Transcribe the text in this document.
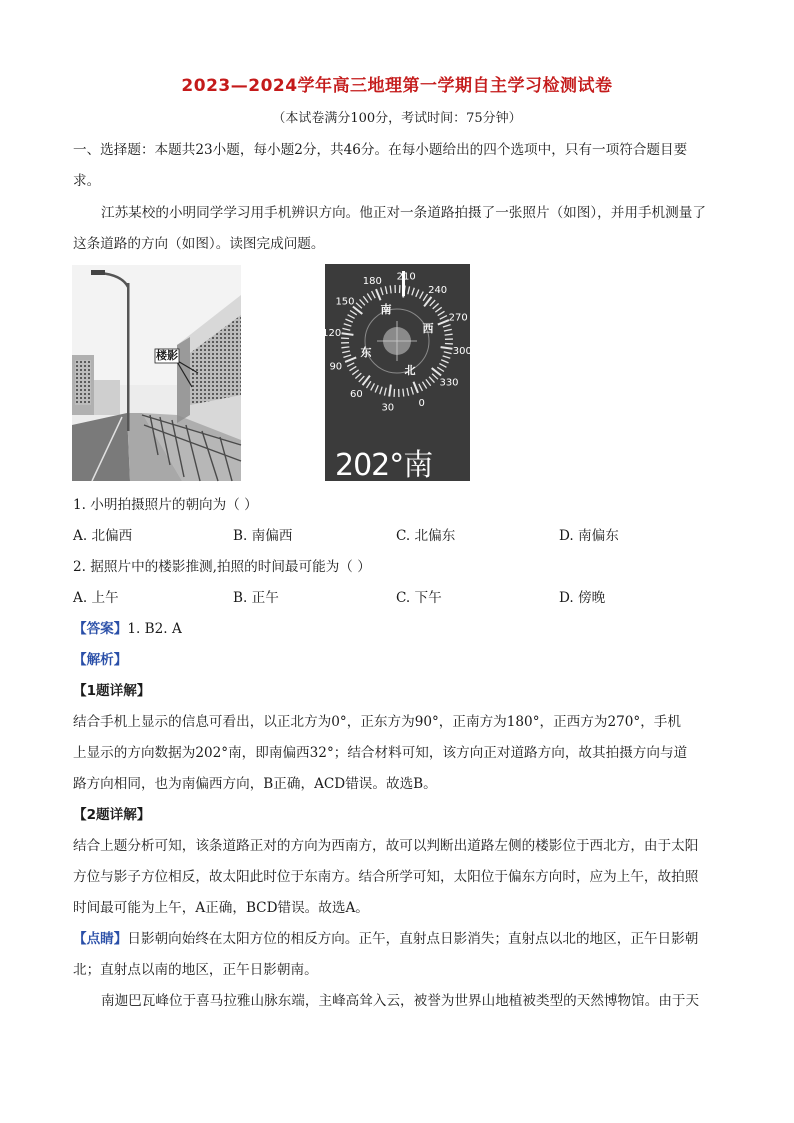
2023—2024学年高三地理第一学期自主学习检测试卷
（本试卷满分100分，考试时间：75分钟）
一、选择题：本题共23小题，每小题2分，共46分。在每小题给出的四个选项中，只有一项符合题目要
求。
江苏某校的小明同学学习用手机辨识方向。他正对一条道路拍摄了一张照片（如图），并用手机测量了
这条道路的方向（如图）。读图完成问题。
楼影
210
240
270
300
330
0
30
60
90
120
150
180
南
西
东
北
202°南
1. 小明拍摄照片的朝向为（ ）
A. 北偏西	B. 南偏西	C. 北偏东	D. 南偏东
2. 据照片中的楼影推测,拍照的时间最可能为（ ）
A. 上午	B. 正午	C. 下午	D. 傍晚
【答案】1. B2. A
【解析】
【1题详解】
结合手机上显示的信息可看出，以正北方为0°，正东方为90°，正南方为180°，正西方为270°，手机
上显示的方向数据为202°南，即南偏西32°；结合材料可知，该方向正对道路方向，故其拍摄方向与道
路方向相同，也为南偏西方向，B正确，ACD错误。故选B。
【2题详解】
结合上题分析可知，该条道路正对的方向为西南方，故可以判断出道路左侧的楼影位于西北方，由于太阳
方位与影子方位相反，故太阳此时位于东南方。结合所学可知，太阳位于偏东方向时，应为上午，故拍照
时间最可能为上午，A正确，BCD错误。故选A。
【点睛】日影朝向始终在太阳方位的相反方向。正午，直射点日影消失；直射点以北的地区，正午日影朝
北；直射点以南的地区，正午日影朝南。
南迦巴瓦峰位于喜马拉雅山脉东端，主峰高耸入云，被誉为世界山地植被类型的天然博物馆。由于天
